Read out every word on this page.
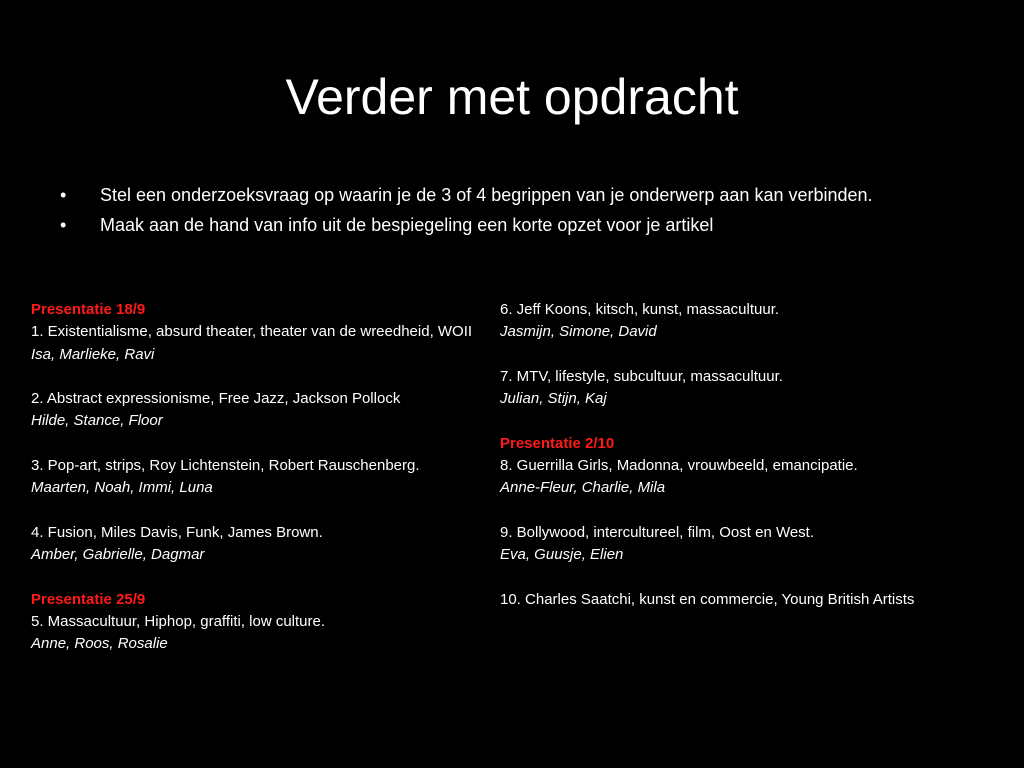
Verder met opdracht
• Stel een onderzoeksvraag op waarin je de 3 of 4 begrippen van je onderwerp aan kan verbinden.
• Maak aan de hand van info uit de bespiegeling een korte opzet voor je artikel
Presentatie 18/9
1. Existentialisme, absurd theater, theater van de wreedheid, WOII
Isa, Marlieke, Ravi
2. Abstract expressionisme, Free Jazz, Jackson Pollock
Hilde, Stance, Floor
3. Pop-art, strips, Roy Lichtenstein, Robert Rauschenberg.
Maarten, Noah, Immi, Luna
4. Fusion, Miles Davis, Funk, James Brown.
Amber, Gabrielle, Dagmar
Presentatie 25/9
5. Massacultuur, Hiphop, graffiti, low culture.
Anne, Roos, Rosalie
6. Jeff Koons, kitsch, kunst, massacultuur.
Jasmijn, Simone, David
7. MTV, lifestyle, subcultuur, massacultuur.
Julian, Stijn, Kaj
Presentatie 2/10
8. Guerrilla Girls, Madonna, vrouwbeeld, emancipatie.
Anne-Fleur, Charlie, Mila
9. Bollywood, intercultureel, film, Oost en West.
Eva, Guusje, Elien
10. Charles Saatchi, kunst en commercie, Young British Artists
